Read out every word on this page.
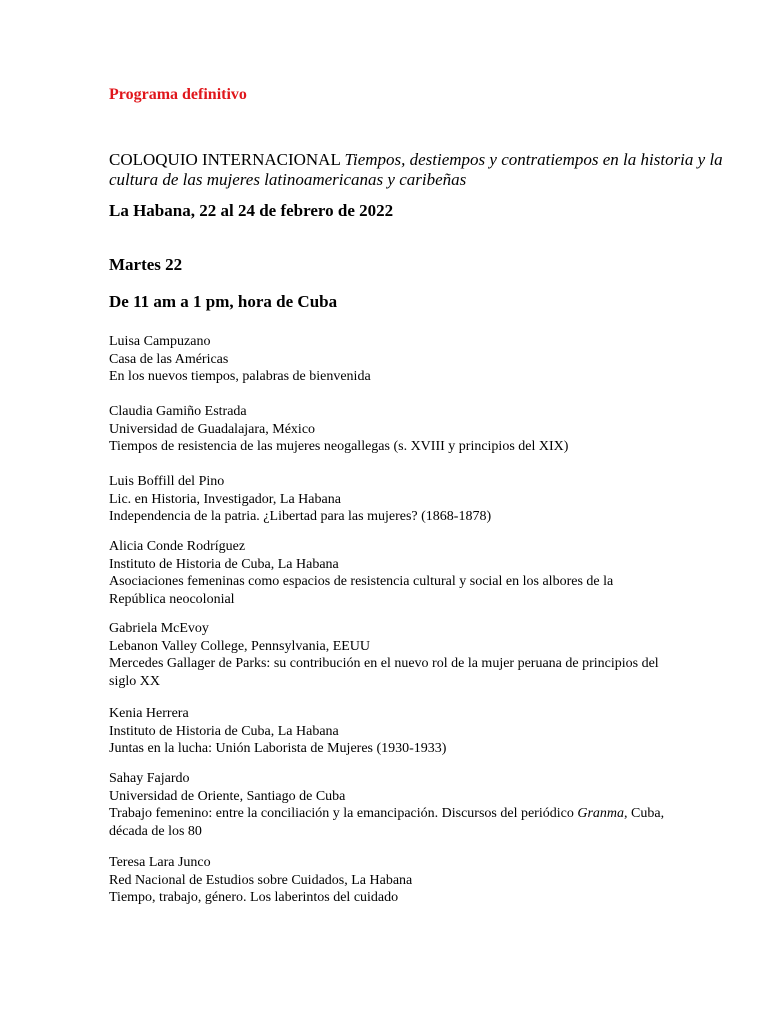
Programa definitivo
COLOQUIO INTERNACIONAL Tiempos, destiempos y contratiempos en la historia y la cultura de las mujeres latinoamericanas y caribeñas
La Habana, 22 al 24 de febrero de 2022
Martes 22
De 11 am a 1 pm, hora de Cuba
Luisa Campuzano
Casa de las Américas
En los nuevos tiempos, palabras de bienvenida
Claudia Gamiño Estrada
Universidad de Guadalajara, México
Tiempos de resistencia de las mujeres neogallegas (s. XVIII y principios del XIX)
Luis Boffill del Pino
Lic. en Historia, Investigador, La Habana
Independencia de la patria. ¿Libertad para las mujeres? (1868-1878)
Alicia Conde Rodríguez
Instituto de Historia de Cuba, La Habana
Asociaciones femeninas como espacios de resistencia cultural y social en los albores de la República neocolonial
Gabriela McEvoy
Lebanon Valley College, Pennsylvania, EEUU
Mercedes Gallager de Parks: su contribución en el nuevo rol de la mujer peruana de principios del siglo XX
Kenia Herrera
Instituto de Historia de Cuba, La Habana
Juntas en la lucha: Unión Laborista de Mujeres (1930-1933)
Sahay Fajardo
Universidad de Oriente, Santiago de Cuba
Trabajo femenino: entre la conciliación y la emancipación. Discursos del periódico Granma, Cuba, década de los 80
Teresa Lara Junco
Red Nacional de Estudios sobre Cuidados, La Habana
Tiempo, trabajo, género. Los laberintos del cuidado
